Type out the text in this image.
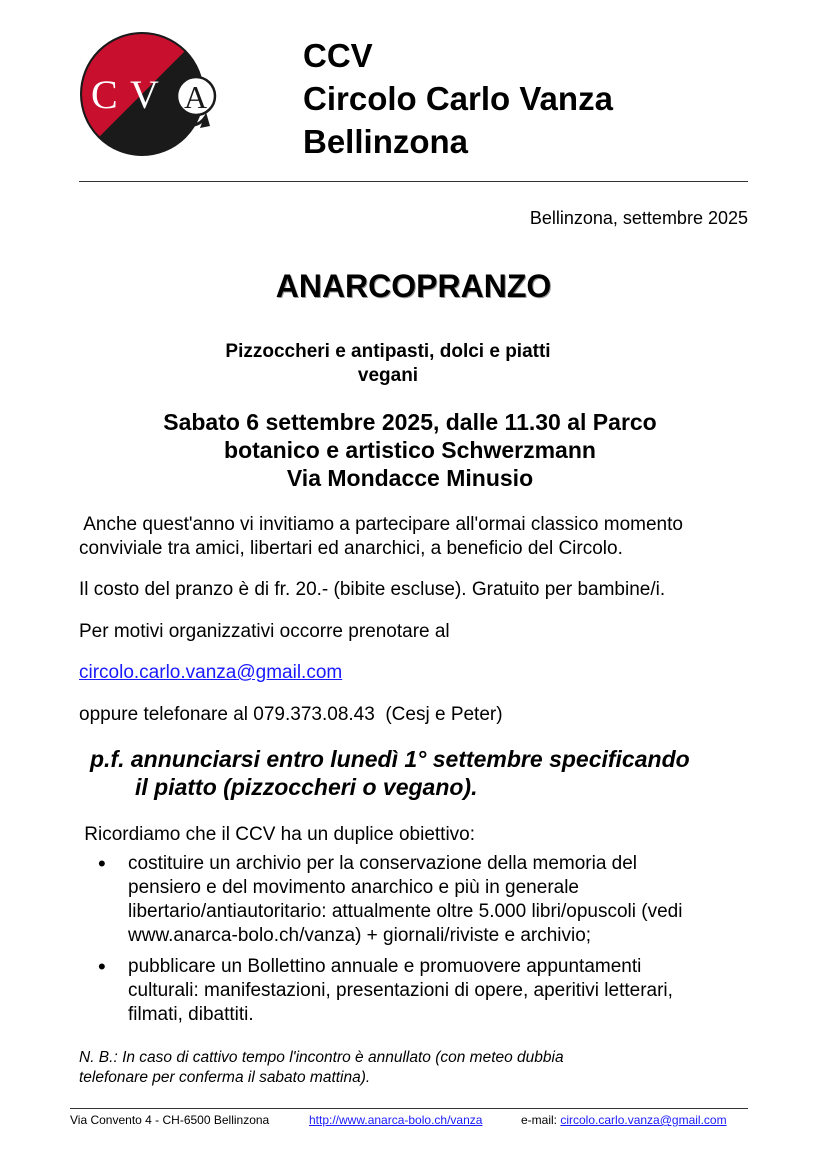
C V A
CCV
Circolo Carlo Vanza
Bellinzona
Bellinzona, settembre 2025
ANARCOPRANZO
Pizzoccheri e antipasti, dolci e piatti
vegani
Sabato 6 settembre 2025, dalle 11.30 al Parco
botanico e artistico Schwerzmann
Via Mondacce Minusio
Anche quest'anno vi invitiamo a partecipare all'ormai classico momento
conviviale tra amici, libertari ed anarchici, a beneficio del Circolo.
Il costo del pranzo è di fr. 20.- (bibite escluse). Gratuito per bambine/i.
Per motivi organizzativi occorre prenotare al
circolo.carlo.vanza@gmail.com
oppure telefonare al 079.373.08.43  (Cesj e Peter)
p.f. annunciarsi entro lunedì 1° settembre specificando
il piatto (pizzoccheri o vegano).
Ricordiamo che il CCV ha un duplice obiettivo:
•	costituire un archivio per la conservazione della memoria del
pensiero e del movimento anarchico e più in generale
libertario/antiautoritario: attualmente oltre 5.000 libri/opuscoli (vedi
www.anarca-bolo.ch/vanza) + giornali/riviste e archivio;
•	pubblicare un Bollettino annuale e promuovere appuntamenti
culturali: manifestazioni, presentazioni di opere, aperitivi letterari,
filmati, dibattiti.
N. B.: In caso di cattivo tempo l'incontro è annullato (con meteo dubbia
telefonare per conferma il sabato mattina).
Via Convento 4 - CH-6500 Bellinzona	http://www.anarca-bolo.ch/vanza	e-mail: circolo.carlo.vanza@gmail.com
